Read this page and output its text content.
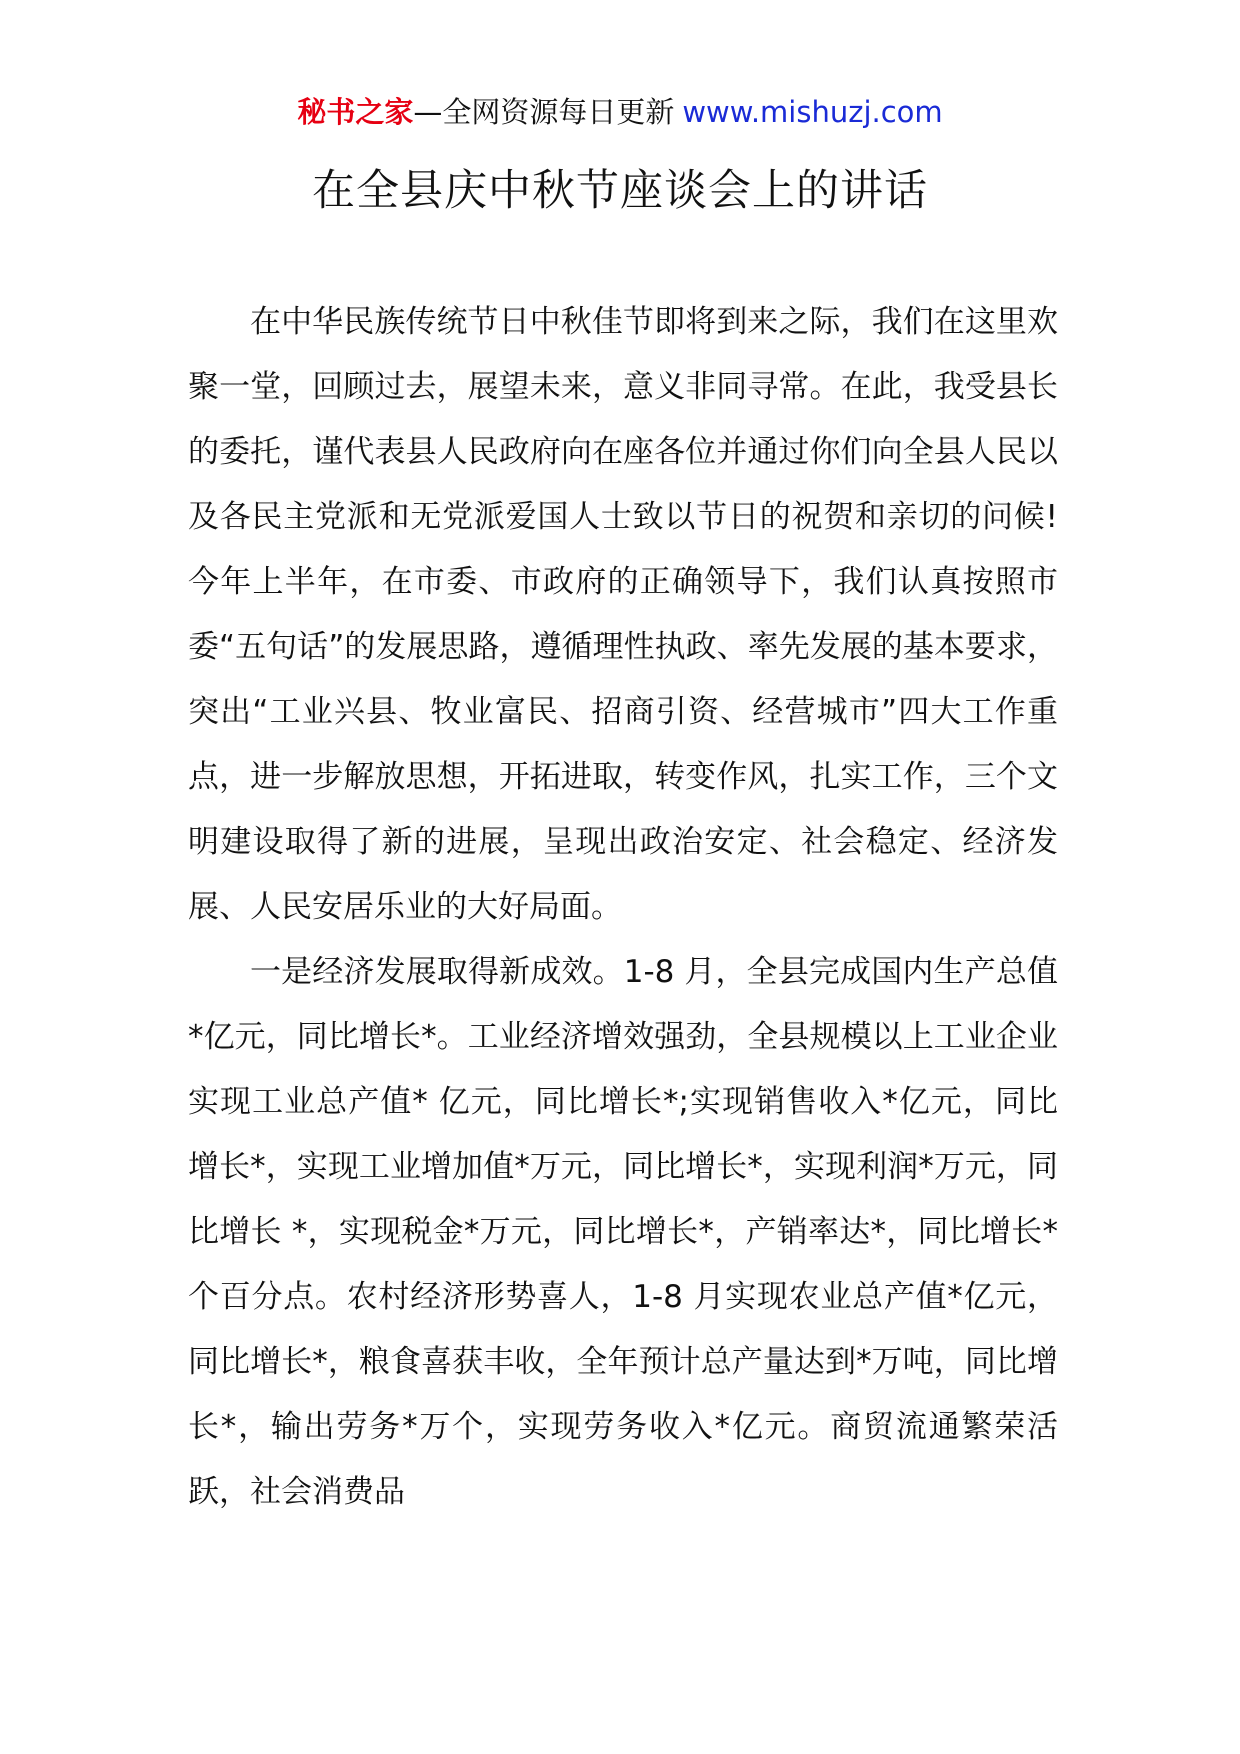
秘书之家—全网资源每日更新 www.mishuzj.com
在全县庆中秋节座谈会上的讲话

在中华民族传统节日中秋佳节即将到来之际，我们在这里欢聚一堂，回顾过去，展望未来，意义非同寻常。在此，我受县长的委托，谨代表县人民政府向在座各位并通过你们向全县人民以及各民主党派和无党派爱国人士致以节日的祝贺和亲切的问候!今年上半年，在市委、市政府的正确领导下，我们认真按照市委“五句话”的发展思路，遵循理性执政、率先发展的基本要求，突出“工业兴县、牧业富民、招商引资、经营城市”四大工作重点，进一步解放思想，开拓进取，转变作风，扎实工作，三个文明建设取得了新的进展，呈现出政治安定、社会稳定、经济发展、人民安居乐业的大好局面。

一是经济发展取得新成效。1-8 月，全县完成国内生产总值*亿元，同比增长*。工业经济增效强劲，全县规模以上工业企业实现工业总产值* 亿元，同比增长*;实现销售收入*亿元，同比增长*，实现工业增加值*万元，同比增长*，实现利润*万元，同比增长 *，实现税金*万元，同比增长*，产销率达*，同比增长*个百分点。农村经济形势喜人，1-8 月实现农业总产值*亿元，同比增长*，粮食喜获丰收，全年预计总产量达到*万吨，同比增长*，输出劳务*万个，实现劳务收入*亿元。商贸流通繁荣活跃，社会消费品
